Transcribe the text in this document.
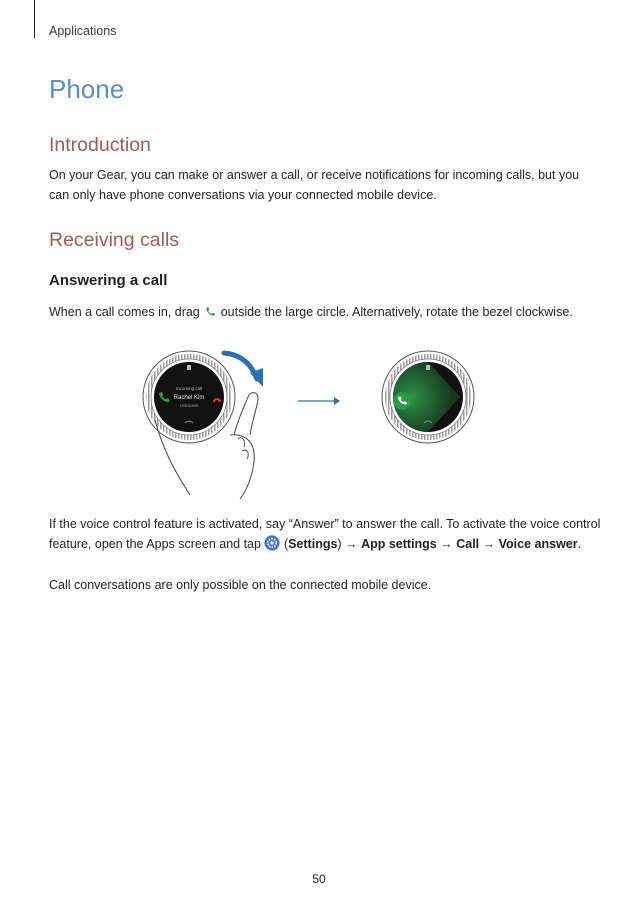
Applications
Phone
Introduction

On your Gear, you can make or answer a call, or receive notifications for incoming calls, but you can only have phone conversations via your connected mobile device.

Receiving calls
Answering a call

When a call comes in, drag outside the large circle. Alternatively, rotate the bezel clockwise.

Incoming call
Rachel Kim
Unknown

If the voice control feature is activated, say “Answer” to answer the call. To activate the voice control feature, open the Apps screen and tap (Settings) → App settings → Call → Voice answer.

Call conversations are only possible on the connected mobile device.

50
